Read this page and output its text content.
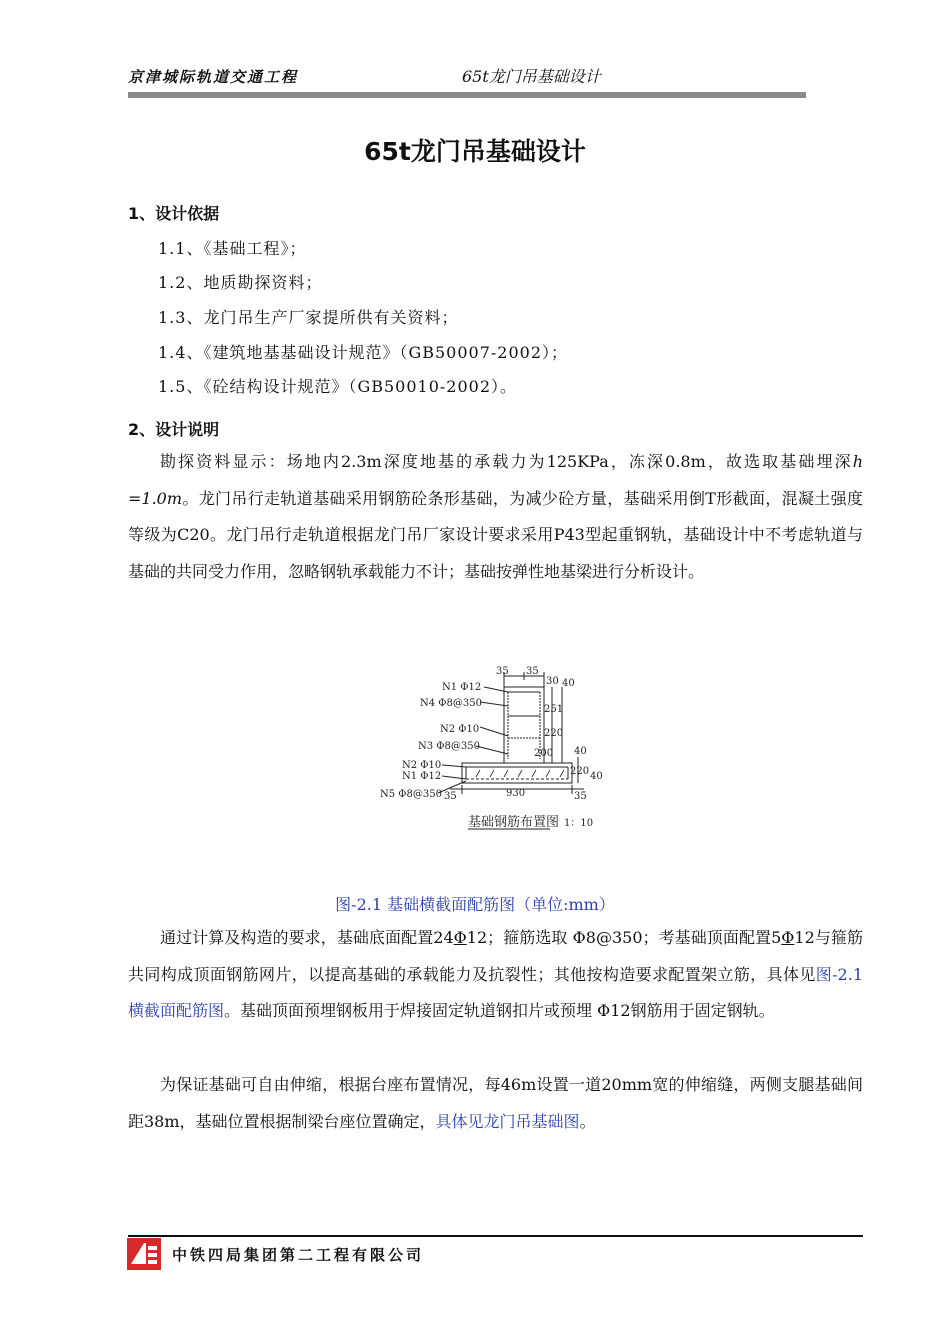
京津城际轨道交通工程	65t龙门吊基础设计
65t龙门吊基础设计
1、设计依据
1.1、《基础工程》；
1.2、地质勘探资料；
1.3、龙门吊生产厂家提所供有关资料；
1.4、《建筑地基基础设计规范》（GB50007-2002）；
1.5、《砼结构设计规范》（GB50010-2002）。
2、设计说明

勘探资料显示：场地内2.3m深度地基的承载力为125KPa，冻深0.8m，故选取基础埋深h =1.0m。龙门吊行走轨道基础采用钢筋砼条形基础，为减少砼方量，基础采用倒T形截面，混凝土强度等级为C20。龙门吊行走轨道根据龙门吊厂家设计要求采用P43型起重钢轨，基础设计中不考虑轨道与基础的共同受力作用，忽略钢轨承载能力不计；基础按弹性地基梁进行分析设计。

N1 Φ12
N4 Φ8@350
N2 Φ10
N3 Φ8@350
N2 Φ10
N1 Φ12
N5 Φ8@350
35 35
30 40
251
220
200 40
220 40
35	930	35
基础钢筋布置图 1：10
图-2.1 基础横截面配筋图（单位:mm）

通过计算及构造的要求，基础底面配置24Φ12；箍筋选取 Φ8@350；考基础顶面配置5Φ12与箍筋共同构成顶面钢筋网片，以提高基础的承载能力及抗裂性；其他按构造要求配置架立筋，具体见图-2.1 横截面配筋图。基础顶面预埋钢板用于焊接固定轨道钢扣片或预埋 Φ12钢筋用于固定钢轨。

为保证基础可自由伸缩，根据台座布置情况，每46m设置一道20mm宽的伸缩缝，两侧支腿基础间距38m，基础位置根据制梁台座位置确定，具体见龙门吊基础图。

中铁四局集团第二工程有限公司
